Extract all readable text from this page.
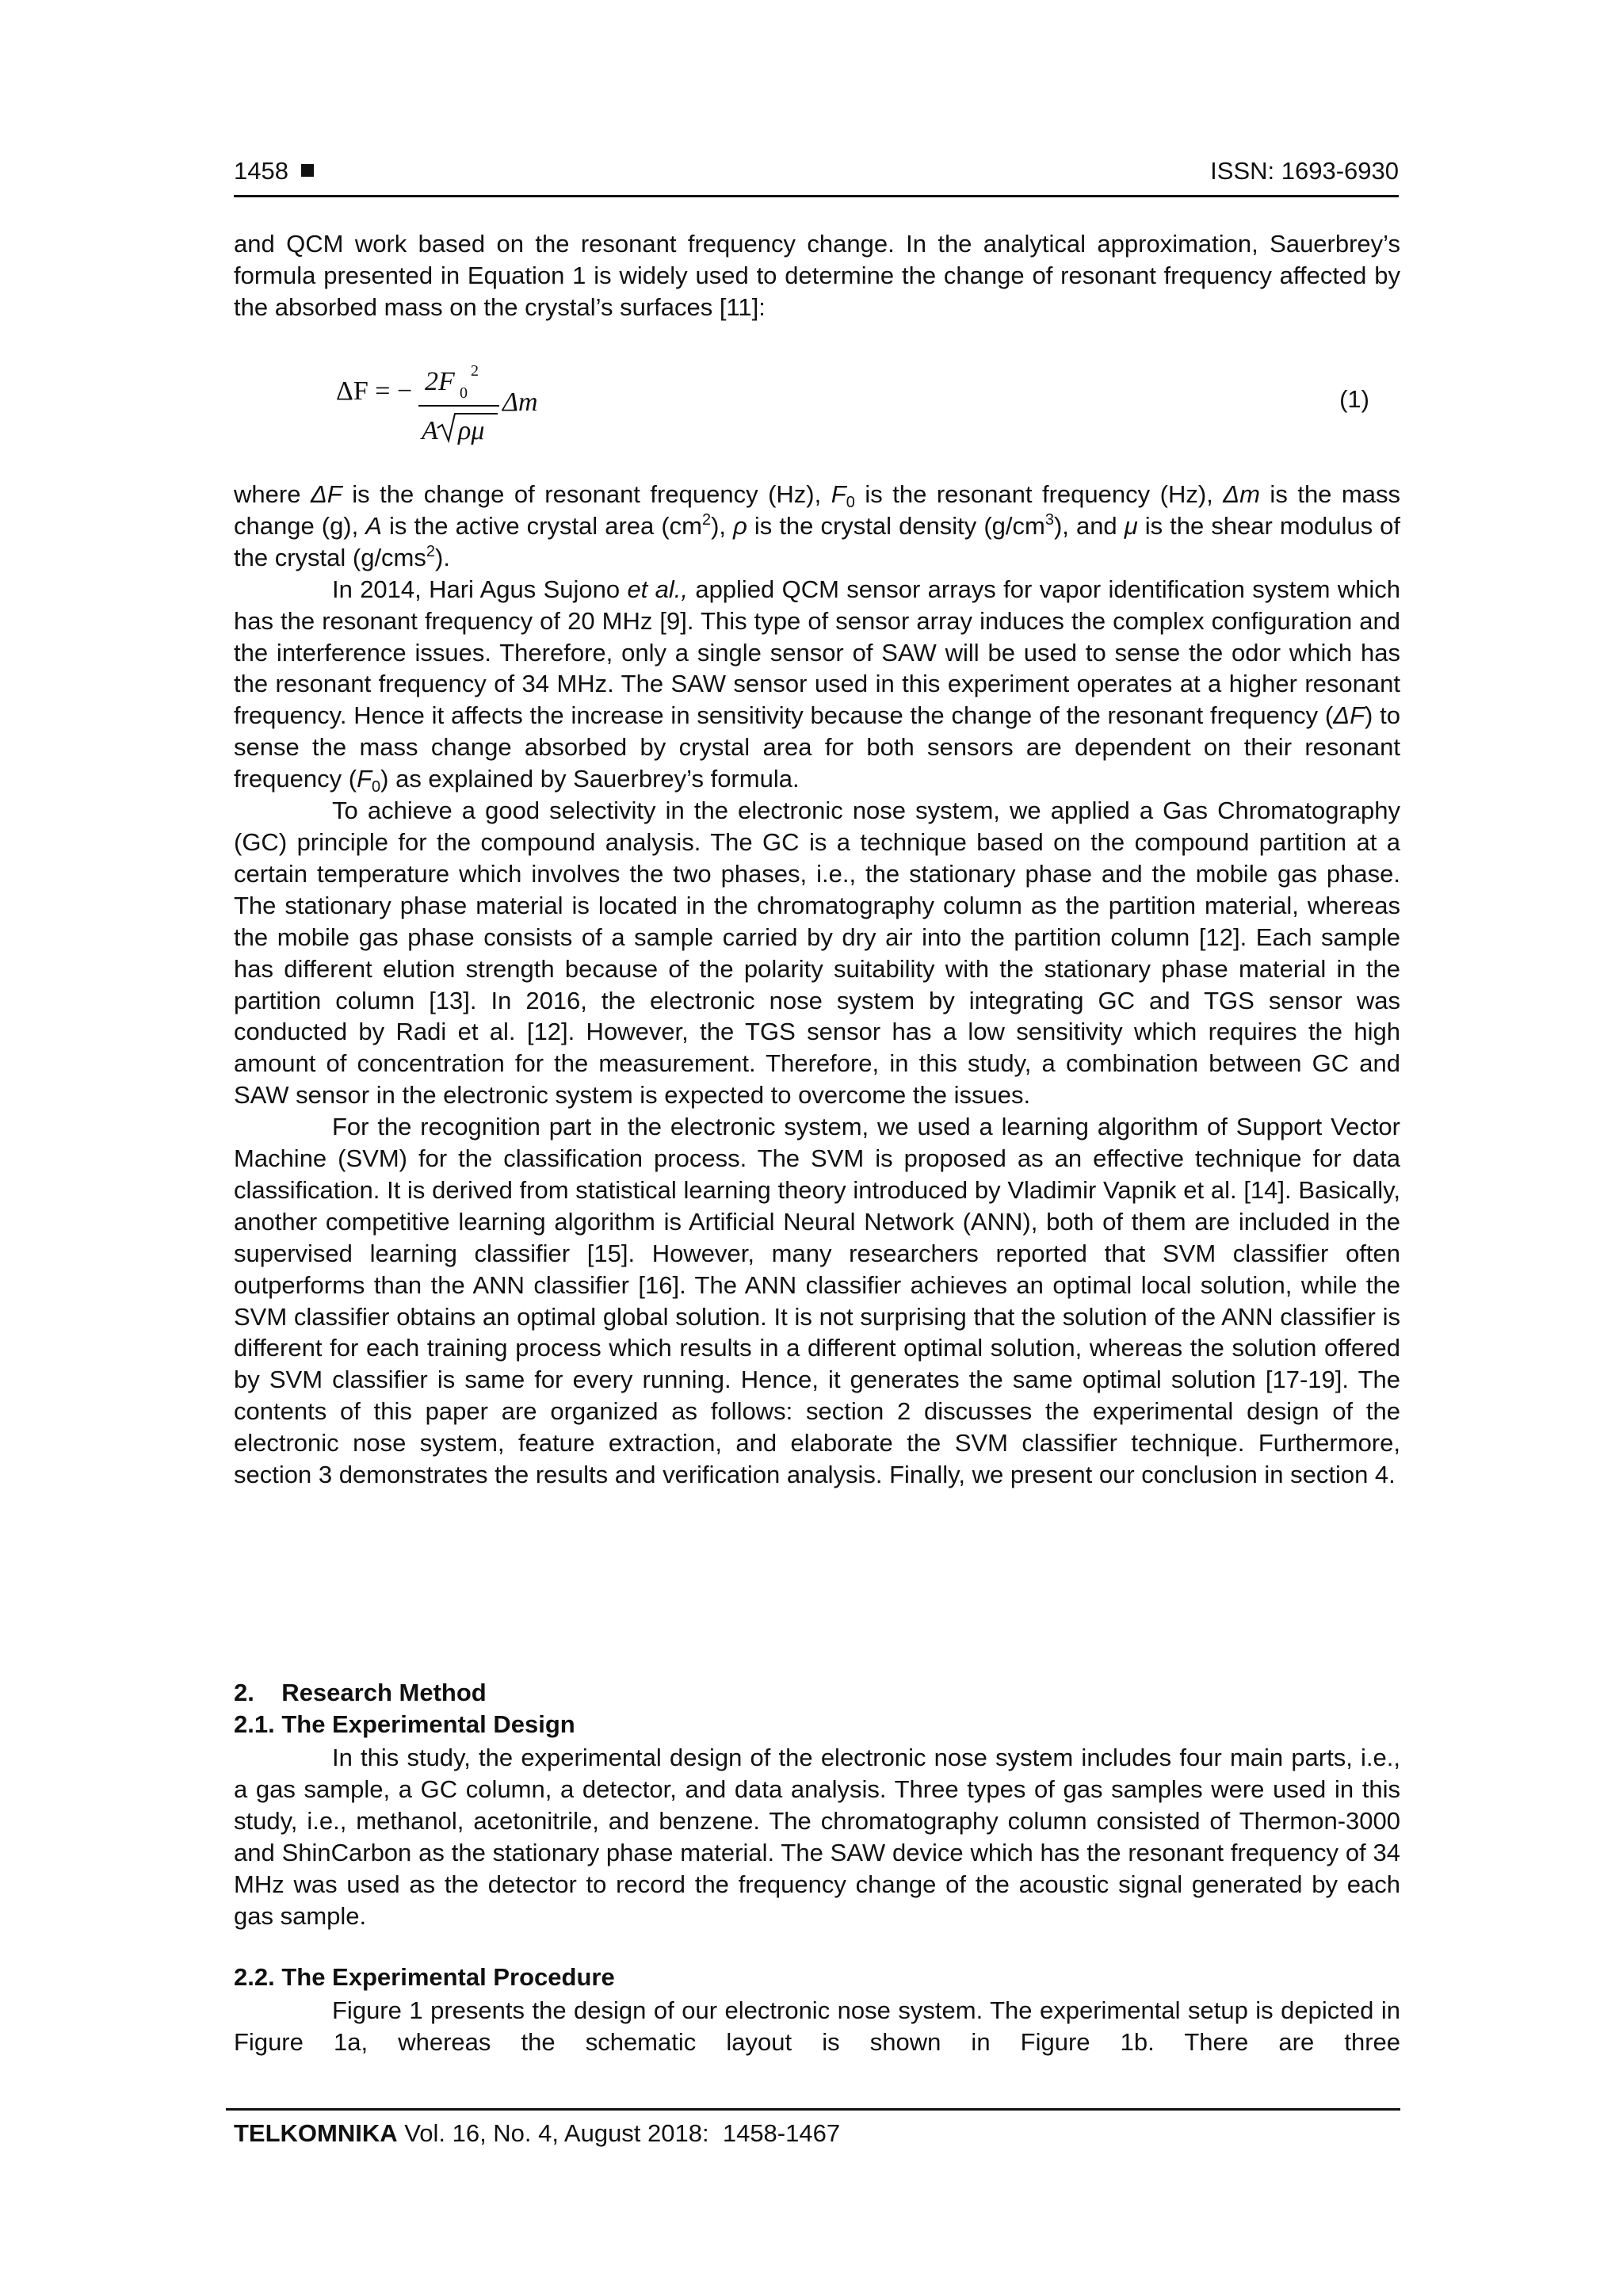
1458	ISSN: 1693-6930

and QCM work based on the resonant frequency change. In the analytical approximation, Sauerbrey’s formula presented in Equation 1 is widely used to determine the change of resonant frequency affected by the absorbed mass on the crystal’s surfaces [11]:

ΔF = − 2F 0
2
A ρμ
Δm	(1)

where ΔF is the change of resonant frequency (Hz), $F_0$ is the resonant frequency (Hz), Δm is the mass change (g), A is the active crystal area $(cm^2)$, ρ is the crystal density $(g/cm^3)$, and μ is the shear modulus of the crystal (g/cms$^2$).

In 2014, Hari Agus Sujono et al., applied QCM sensor arrays for vapor identification system which has the resonant frequency of 20 MHz [9]. This type of sensor array induces the complex configuration and the interference issues. Therefore, only a single sensor of SAW will be used to sense the odor which has the resonant frequency of 34 MHz. The SAW sensor used in this experiment operates at a higher resonant frequency. Hence it affects the increase in sensitivity because the change of the resonant frequency (ΔF) to sense the mass change absorbed by crystal area for both sensors are dependent on their resonant frequency $(F_0)$ as explained by Sauerbrey’s formula.

To achieve a good selectivity in the electronic nose system, we applied a Gas Chromatography (GC) principle for the compound analysis. The GC is a technique based on the compound partition at a certain temperature which involves the two phases, i.e., the stationary phase and the mobile gas phase. The stationary phase material is located in the chromatography column as the partition material, whereas the mobile gas phase consists of a sample carried by dry air into the partition column [12]. Each sample has different elution strength because of the polarity suitability with the stationary phase material in the partition column [13]. In 2016, the electronic nose system by integrating GC and TGS sensor was conducted by Radi et al. [12]. However, the TGS sensor has a low sensitivity which requires the high amount of concentration for the measurement. Therefore, in this study, a combination between GC and SAW sensor in the electronic system is expected to overcome the issues.

For the recognition part in the electronic system, we used a learning algorithm of Support Vector Machine (SVM) for the classification process. The SVM is proposed as an effective technique for data classification. It is derived from statistical learning theory introduced by Vladimir Vapnik et al. [14]. Basically, another competitive learning algorithm is Artificial Neural Network (ANN), both of them are included in the supervised learning classifier [15]. However, many researchers reported that SVM classifier often outperforms than the ANN classifier [16]. The ANN classifier achieves an optimal local solution, while the SVM classifier obtains an optimal global solution. It is not surprising that the solution of the ANN classifier is different for each training process which results in a different optimal solution, whereas the solution offered by SVM classifier is same for every running. Hence, it generates the same optimal solution [17-19]. The contents of this paper are organized as follows: section 2 discusses the experimental design of the electronic nose system, feature extraction, and elaborate the SVM classifier technique. Furthermore, section 3 demonstrates the results and verification analysis. Finally, we present our conclusion in section 4.

2.    Research Method
2.1. The Experimental Design

In this study, the experimental design of the electronic nose system includes four main parts, i.e., a gas sample, a GC column, a detector, and data analysis. Three types of gas samples were used in this study, i.e., methanol, acetonitrile, and benzene. The chromatography column consisted of Thermon-3000 and ShinCarbon as the stationary phase material. The SAW device which has the resonant frequency of 34 MHz was used as the detector to record the frequency change of the acoustic signal generated by each gas sample.

2.2. The Experimental Procedure

Figure 1 presents the design of our electronic nose system. The experimental setup is depicted in Figure 1a, whereas the schematic layout is shown in Figure 1b. There are three

TELKOMNIKA Vol. 16, No. 4, August 2018:  1458-1467
